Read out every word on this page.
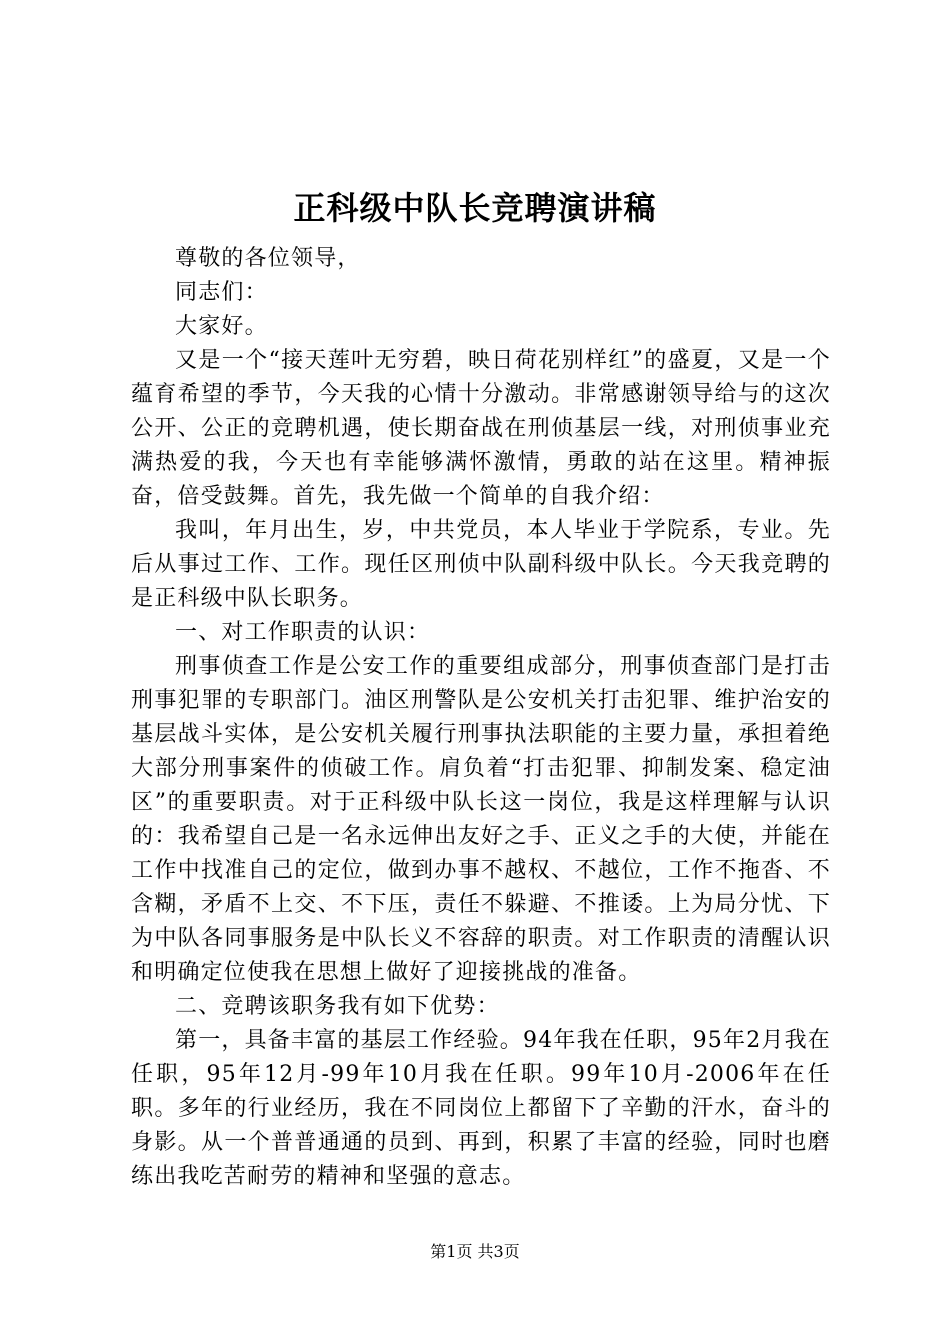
正科级中队长竞聘演讲稿

尊敬的各位领导，

同志们：

大家好。

又是一个“接天莲叶无穷碧，映日荷花别样红”的盛夏，又是一个蕴育希望的季节，今天我的心情十分激动。非常感谢领导给与的这次公开、公正的竞聘机遇，使长期奋战在刑侦基层一线，对刑侦事业充满热爱的我，今天也有幸能够满怀激情，勇敢的站在这里。精神振奋，倍受鼓舞。首先，我先做一个简单的自我介绍：

我叫，年月出生，岁，中共党员，本人毕业于学院系，专业。先后从事过工作、工作。现任区刑侦中队副科级中队长。今天我竞聘的是正科级中队长职务。

一、对工作职责的认识：

刑事侦查工作是公安工作的重要组成部分，刑事侦查部门是打击刑事犯罪的专职部门。油区刑警队是公安机关打击犯罪、维护治安的基层战斗实体，是公安机关履行刑事执法职能的主要力量，承担着绝大部分刑事案件的侦破工作。肩负着“打击犯罪、抑制发案、稳定油区”的重要职责。对于正科级中队长这一岗位，我是这样理解与认识的：我希望自己是一名永远伸出友好之手、正义之手的大使，并能在工作中找准自己的定位，做到办事不越权、不越位，工作不拖沓、不含糊，矛盾不上交、不下压，责任不躲避、不推诿。上为局分忧、下为中队各同事服务是中队长义不容辞的职责。对工作职责的清醒认识和明确定位使我在思想上做好了迎接挑战的准备。

二、竞聘该职务我有如下优势：

第一，具备丰富的基层工作经验。94年我在任职，95年2月我在任职，95年12月-99年10月我在任职。99年10月-2006年在任职。多年的行业经历，我在不同岗位上都留下了辛勤的汗水，奋斗的身影。从一个普普通通的员到、再到，积累了丰富的经验，同时也磨练出我吃苦耐劳的精神和坚强的意志。

第1页 共3页
